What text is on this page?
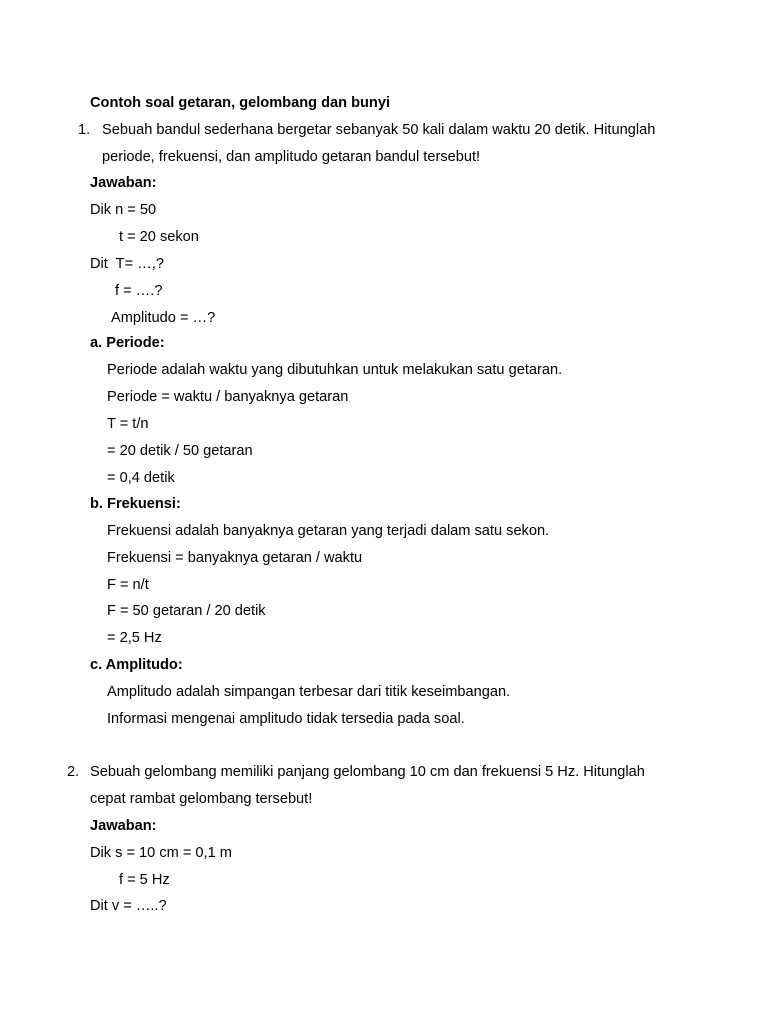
Contoh soal getaran, gelombang dan bunyi
1. Sebuah bandul sederhana bergetar sebanyak 50 kali dalam waktu 20 detik. Hitunglah
periode, frekuensi, dan amplitudo getaran bandul tersebut!
Jawaban:
Dik n = 50
t = 20 sekon
Dit  T= …,?
f = ….?
Amplitudo = …?
a. Periode:
Periode adalah waktu yang dibutuhkan untuk melakukan satu getaran.
Periode = waktu / banyaknya getaran
T = t/n
= 20 detik / 50 getaran
= 0,4 detik
b. Frekuensi:
Frekuensi adalah banyaknya getaran yang terjadi dalam satu sekon.
Frekuensi = banyaknya getaran / waktu
F = n/t
F = 50 getaran / 20 detik
= 2,5 Hz
c. Amplitudo:
Amplitudo adalah simpangan terbesar dari titik keseimbangan.
Informasi mengenai amplitudo tidak tersedia pada soal.
2. Sebuah gelombang memiliki panjang gelombang 10 cm dan frekuensi 5 Hz. Hitunglah
cepat rambat gelombang tersebut!
Jawaban:
Dik s = 10 cm = 0,1 m
f = 5 Hz
Dit v = …..?
